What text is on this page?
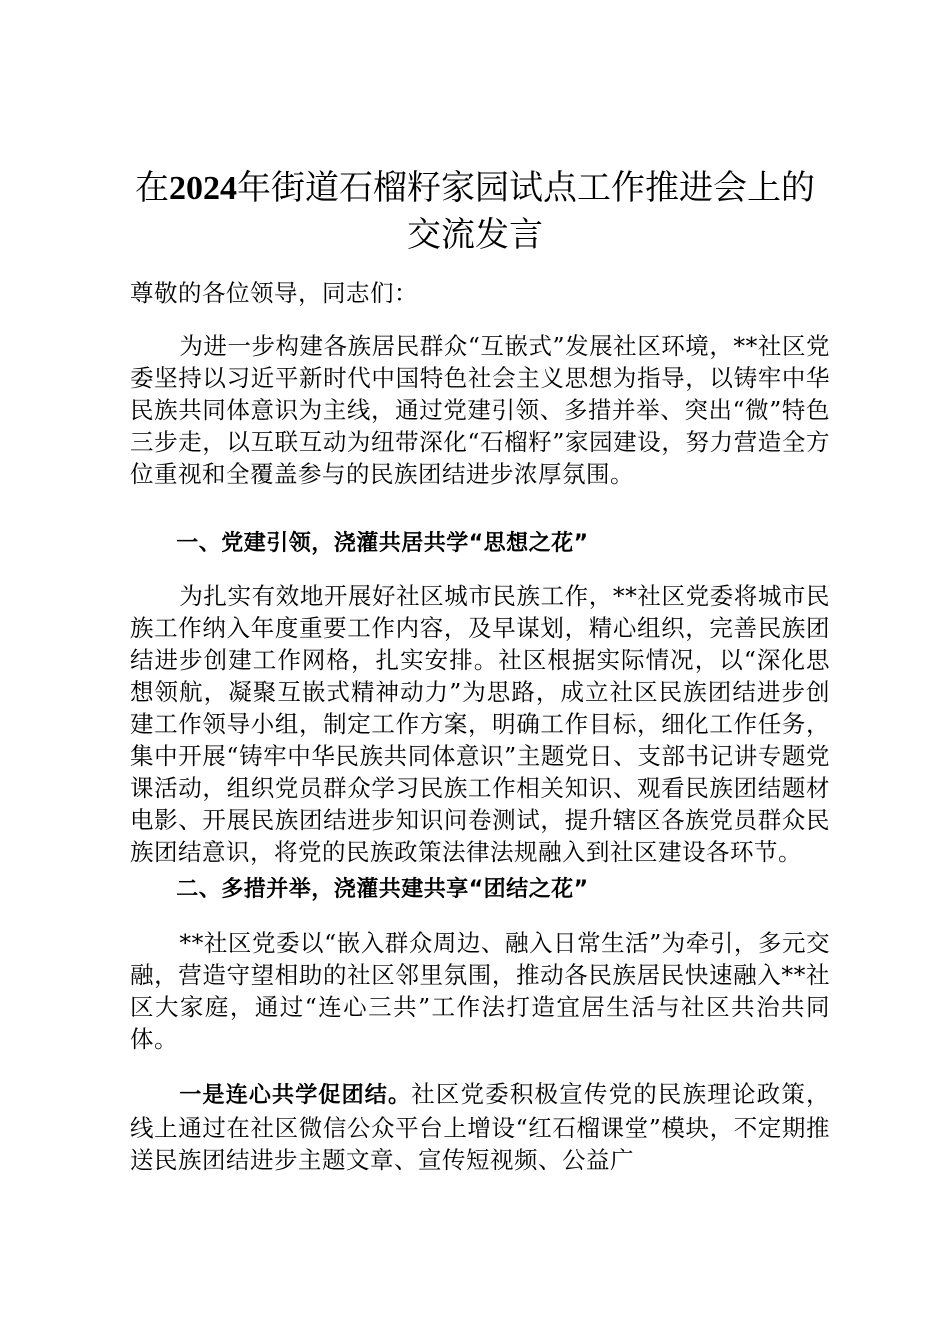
在2024年街道石榴籽家园试点工作推进会上的交流发言

尊敬的各位领导，同志们：

为进一步构建各族居民群众“互嵌式”发展社区环境，**社区党委坚持以习近平新时代中国特色社会主义思想为指导，以铸牢中华民族共同体意识为主线，通过党建引领、多措并举、突出“微”特色三步走，以互联互动为纽带深化“石榴籽”家园建设，努力营造全方位重视和全覆盖参与的民族团结进步浓厚氛围。

一、党建引领，浇灌共居共学“思想之花”

为扎实有效地开展好社区城市民族工作，**社区党委将城市民族工作纳入年度重要工作内容，及早谋划，精心组织，完善民族团结进步创建工作网格，扎实安排。社区根据实际情况，以“深化思想领航，凝聚互嵌式精神动力”为思路，成立社区民族团结进步创建工作领导小组，制定工作方案，明确工作目标，细化工作任务，集中开展“铸牢中华民族共同体意识”主题党日、支部书记讲专题党课活动，组织党员群众学习民族工作相关知识、观看民族团结题材电影、开展民族团结进步知识问卷测试，提升辖区各族党员群众民族团结意识，将党的民族政策法律法规融入到社区建设各环节。

二、多措并举，浇灌共建共享“团结之花”

**社区党委以“嵌入群众周边、融入日常生活”为牵引，多元交融，营造守望相助的社区邻里氛围，推动各民族居民快速融入**社区大家庭，通过“连心三共”工作法打造宜居生活与社区共治共同体。

一是连心共学促团结。社区党委积极宣传党的民族理论政策，线上通过在社区微信公众平台上增设“红石榴课堂”模块，不定期推送民族团结进步主题文章、宣传短视频、公益广
